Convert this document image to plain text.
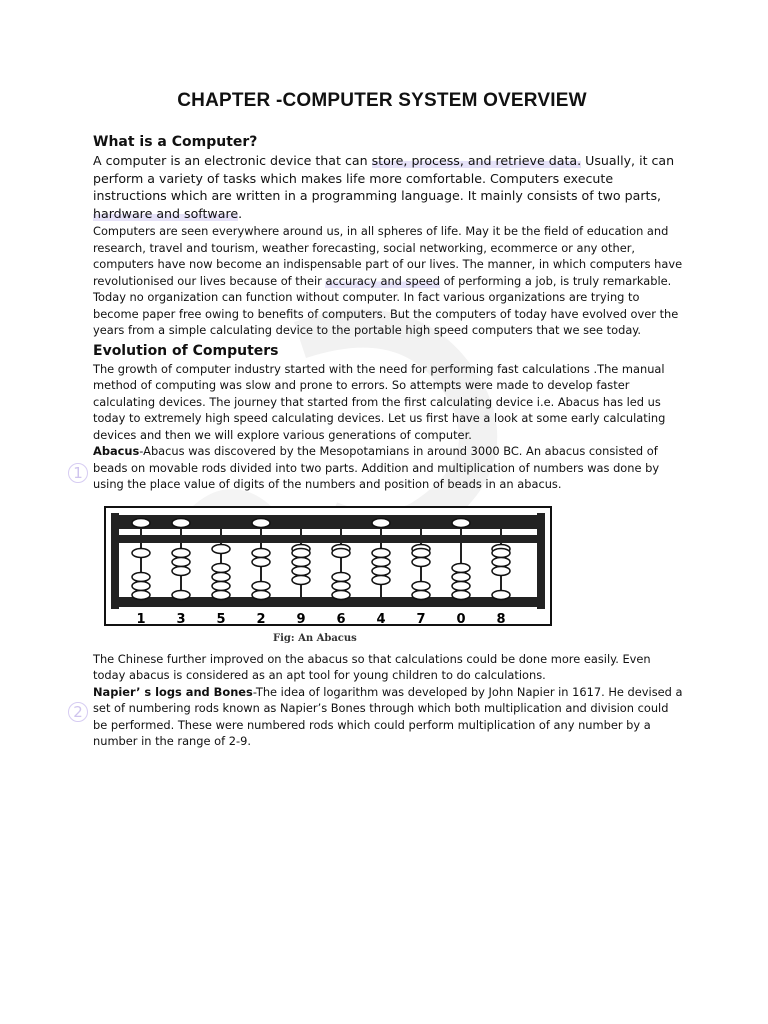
1
2
CHAPTER -COMPUTER SYSTEM OVERVIEW
What is a Computer?

A computer is an electronic device that can store, process, and retrieve data. Usually, it can perform a variety of tasks which makes life more comfortable. Computers execute instructions which are written in a programming language. It mainly consists of two parts, hardware and software.

Computers are seen everywhere around us, in all spheres of life. May it be the field of education and research, travel and tourism, weather forecasting, social networking, ecommerce or any other, computers have now become an indispensable part of our lives. The manner, in which computers have revolutionised our lives because of their accuracy and speed of performing a job, is truly remarkable. Today no organization can function without computer. In fact various organizations are trying to become paper free owing to benefits of computers. But the computers of today have evolved over the years from a simple calculating device to the portable high speed computers that we see today.

Evolution of Computers

The growth of computer industry started with the need for performing fast calculations .The manual method of computing was slow and prone to errors. So attempts were made to develop faster calculating devices. The journey that started from the first calculating device i.e. Abacus has led us today to extremely high speed calculating devices. Let us first have a look at some early calculating devices and then we will explore various generations of computer.

Abacus-Abacus was discovered by the Mesopotamians in around 3000 BC. An abacus consisted of beads on movable rods divided into two parts. Addition and multiplication of numbers was done by using the place value of digits of the numbers and position of beads in an abacus.

1 3 5 2 9 6 4 7 0 8
Fig: An Abacus

The Chinese further improved on the abacus so that calculations could be done more easily. Even today abacus is considered as an apt tool for young children to do calculations.

Napier’ s logs and Bones-The idea of logarithm was developed by John Napier in 1617. He devised a set of numbering rods known as Napier’s Bones through which both multiplication and division could be performed. These were numbered rods which could perform multiplication of any number by a number in the range of 2-9.
